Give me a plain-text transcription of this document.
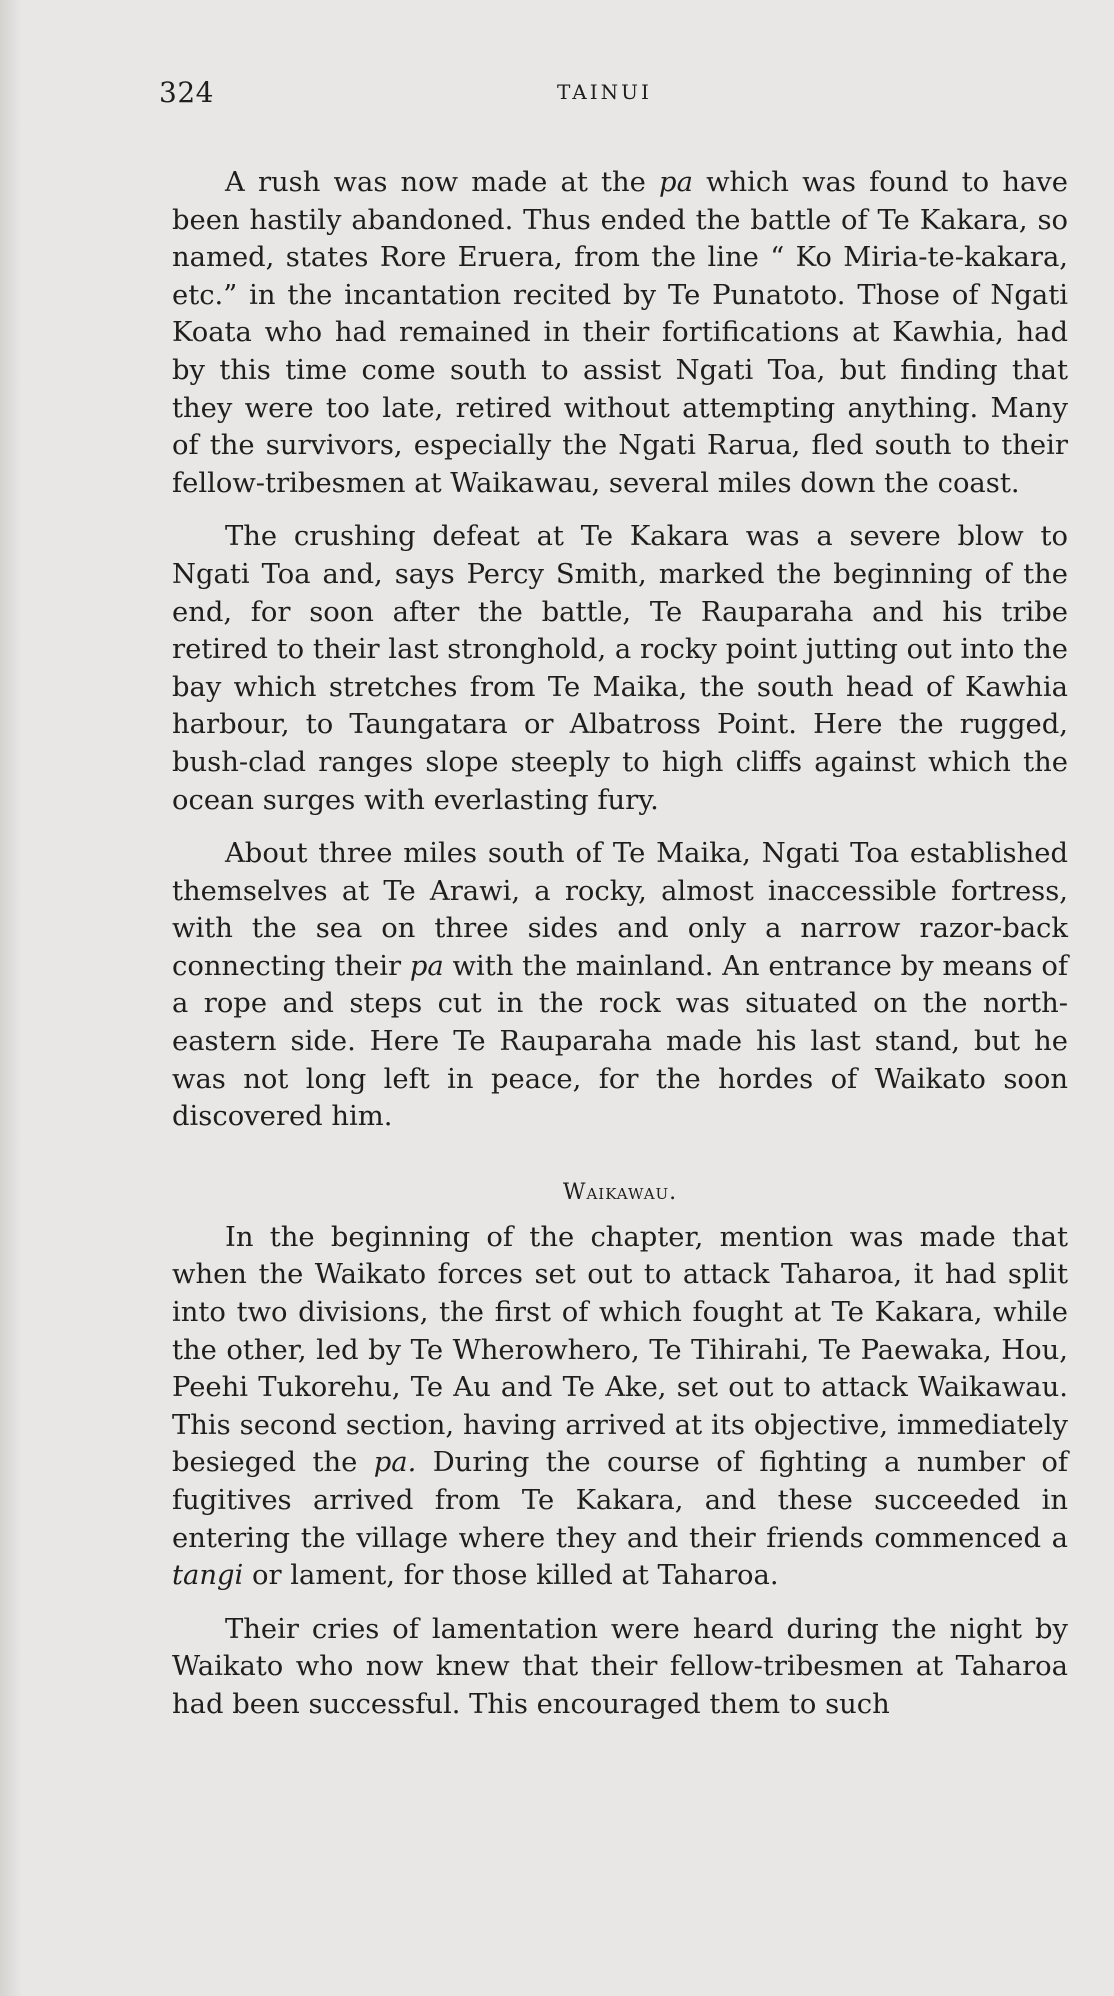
324	TAINUI

A rush was now made at the pa which was found to have been hastily abandoned. Thus ended the battle of Te Kakara, so named, states Rore Eruera, from the line “ Ko Miria-te-kakara, etc.” in the incantation recited by Te Punatoto. Those of Ngati Koata who had remained in their fortifications at Kawhia, had by this time come south to assist Ngati Toa, but finding that they were too late, retired without attempting anything. Many of the survivors, especially the Ngati Rarua, fled south to their fellow-tribesmen at Waikawau, several miles down the coast.

The crushing defeat at Te Kakara was a severe blow to Ngati Toa and, says Percy Smith, marked the beginning of the end, for soon after the battle, Te Rauparaha and his tribe retired to their last stronghold, a rocky point jutting out into the bay which stretches from Te Maika, the south head of Kawhia harbour, to Taungatara or Albatross Point. Here the rugged, bush-clad ranges slope steeply to high cliffs against which the ocean surges with everlasting fury.

About three miles south of Te Maika, Ngati Toa established themselves at Te Arawi, a rocky, almost inaccessible fortress, with the sea on three sides and only a narrow razor-back connecting their pa with the mainland. An entrance by means of a rope and steps cut in the rock was situated on the north-eastern side. Here Te Rauparaha made his last stand, but he was not long left in peace, for the hordes of Waikato soon discovered him.

Waikawau.

In the beginning of the chapter, mention was made that when the Waikato forces set out to attack Taharoa, it had split into two divisions, the first of which fought at Te Kakara, while the other, led by Te Wherowhero, Te Tihirahi, Te Paewaka, Hou, Peehi Tukorehu, Te Au and Te Ake, set out to attack Waikawau. This second section, having arrived at its objective, immediately besieged the pa. During the course of fighting a number of fugitives arrived from Te Kakara, and these succeeded in entering the village where they and their friends commenced a tangi or lament, for those killed at Taharoa.

Their cries of lamentation were heard during the night by Waikato who now knew that their fellow-tribesmen at Taharoa had been successful. This encouraged them to such
